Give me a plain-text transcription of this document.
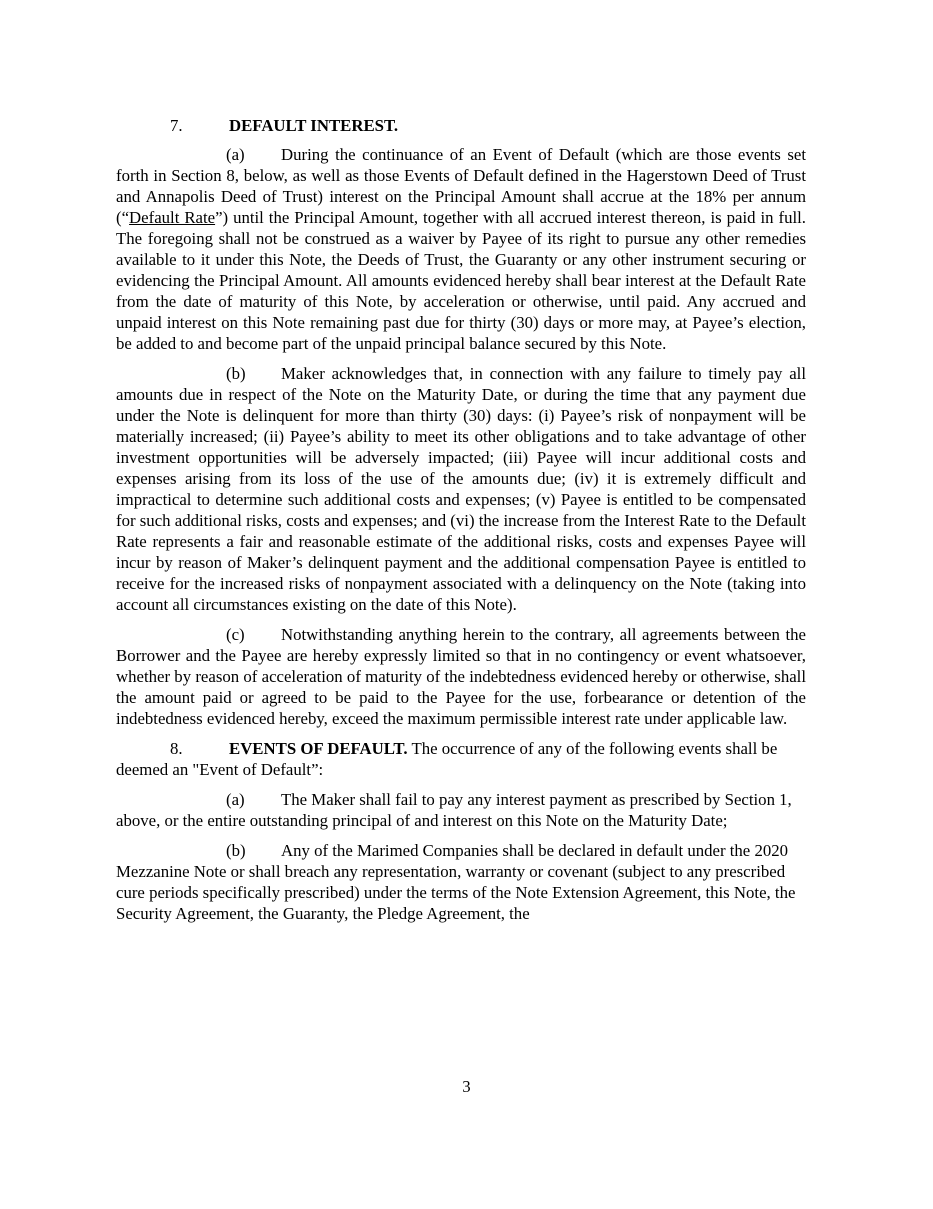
7.	DEFAULT INTEREST.

(a) During the continuance of an Event of Default (which are those events set forth in Section 8, below, as well as those Events of Default defined in the Hagerstown Deed of Trust and Annapolis Deed of Trust) interest on the Principal Amount shall accrue at the 18% per annum (“Default Rate”) until the Principal Amount, together with all accrued interest thereon, is paid in full. The foregoing shall not be construed as a waiver by Payee of its right to pursue any other remedies available to it under this Note, the Deeds of Trust, the Guaranty or any other instrument securing or evidencing the Principal Amount. All amounts evidenced hereby shall bear interest at the Default Rate from the date of maturity of this Note, by acceleration or otherwise, until paid. Any accrued and unpaid interest on this Note remaining past due for thirty (30) days or more may, at Payee’s election, be added to and become part of the unpaid principal balance secured by this Note.

(b) Maker acknowledges that, in connection with any failure to timely pay all amounts due in respect of the Note on the Maturity Date, or during the time that any payment due under the Note is delinquent for more than thirty (30) days: (i) Payee’s risk of nonpayment will be materially increased; (ii) Payee’s ability to meet its other obligations and to take advantage of other investment opportunities will be adversely impacted; (iii) Payee will incur additional costs and expenses arising from its loss of the use of the amounts due; (iv) it is extremely difficult and impractical to determine such additional costs and expenses; (v) Payee is entitled to be compensated for such additional risks, costs and expenses; and (vi) the increase from the Interest Rate to the Default Rate represents a fair and reasonable estimate of the additional risks, costs and expenses Payee will incur by reason of Maker’s delinquent payment and the additional compensation Payee is entitled to receive for the increased risks of nonpayment associated with a delinquency on the Note (taking into account all circumstances existing on the date of this Note).

(c) Notwithstanding anything herein to the contrary, all agreements between the Borrower and the Payee are hereby expressly limited so that in no contingency or event whatsoever, whether by reason of acceleration of maturity of the indebtedness evidenced hereby or otherwise, shall the amount paid or agreed to be paid to the Payee for the use, forbearance or detention of the indebtedness evidenced hereby, exceed the maximum permissible interest rate under applicable law.

8.	EVENTS OF DEFAULT. The occurrence of any of the following events shall be deemed an "Event of Default”:

(a) The Maker shall fail to pay any interest payment as prescribed by Section 1, above, or the entire outstanding principal of and interest on this Note on the Maturity Date;

(b) Any of the Marimed Companies shall be declared in default under the 2020 Mezzanine Note or shall breach any representation, warranty or covenant (subject to any prescribed cure periods specifically prescribed) under the terms of the Note Extension Agreement, this Note, the Security Agreement, the Guaranty, the Pledge Agreement, the

3
